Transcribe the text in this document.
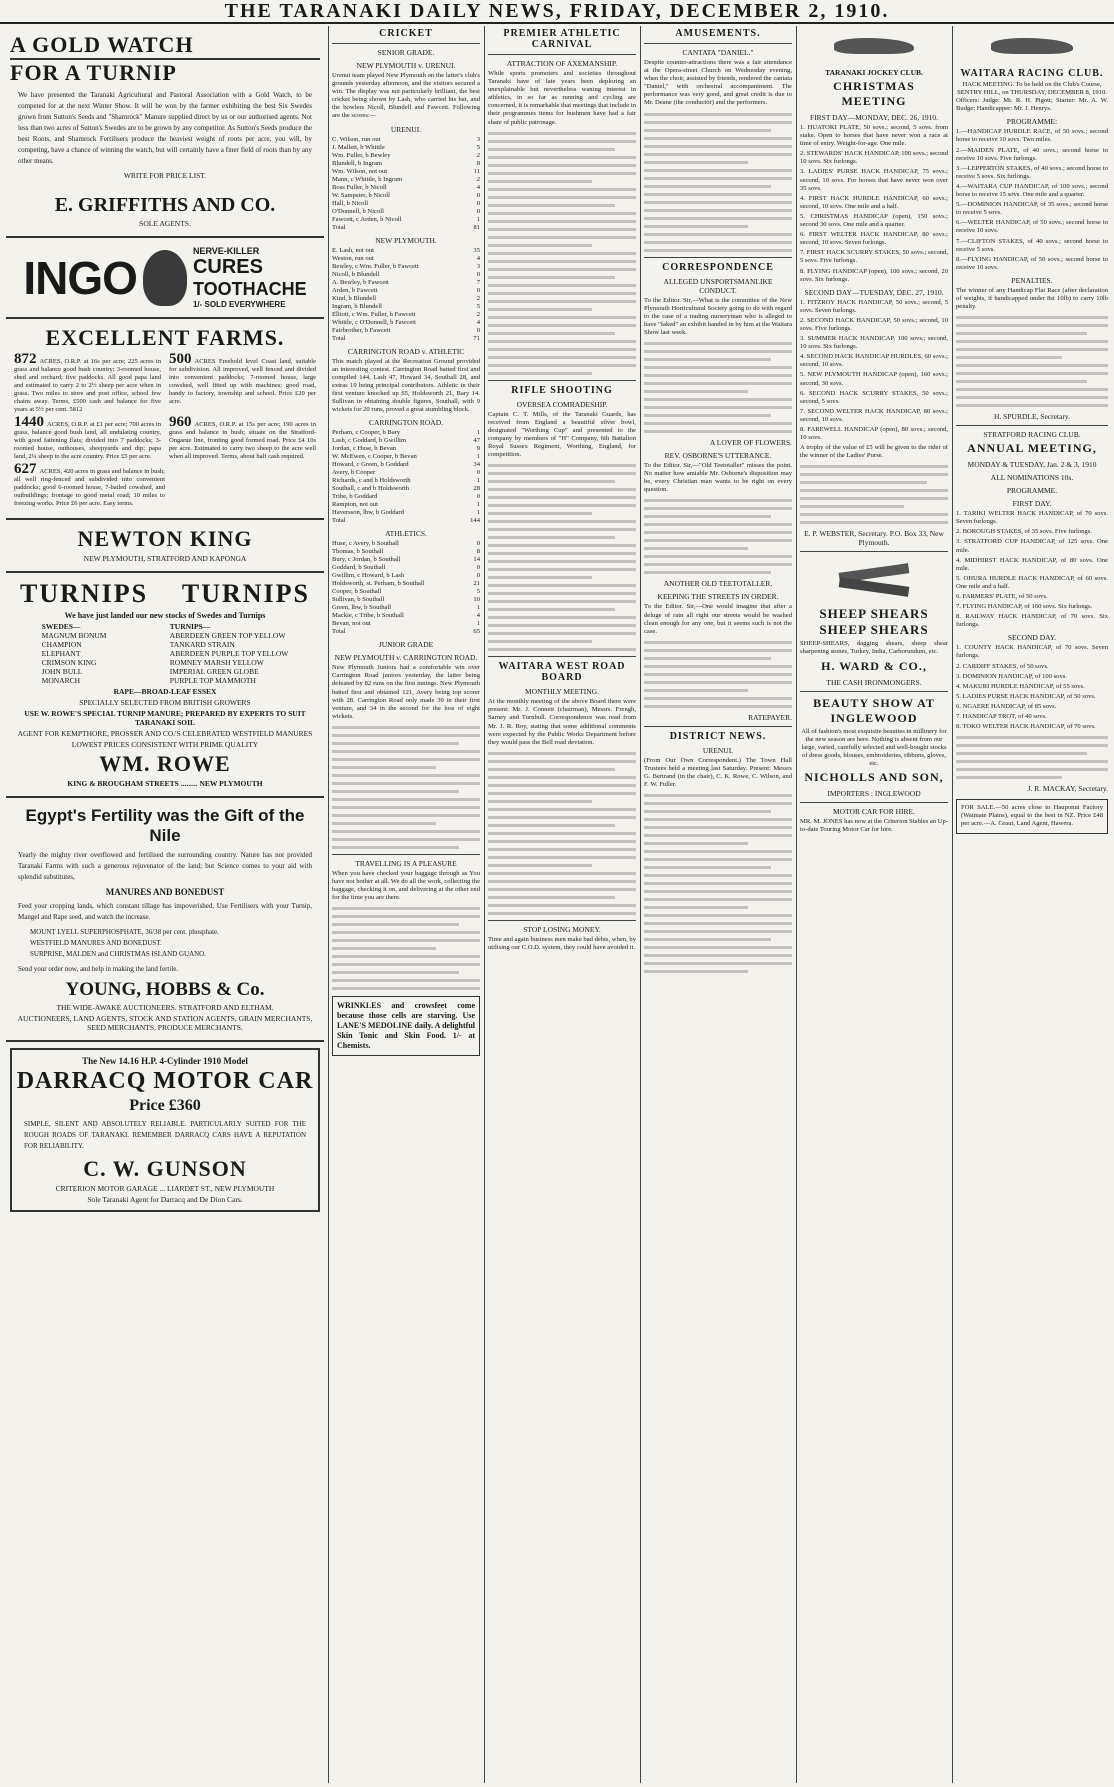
THE TARANAKI DAILY NEWS, FRIDAY, DECEMBER 2, 1910.

A GOLD WATCH

FOR A TURNIP

We have presented the Taranaki Agricultural and Pastoral Association with a Gold Watch, to be competed for at the next Winter Show. It will be won by the farmer exhibiting the best Six Swedes grown from Sutton's Seeds and "Shamrock" Manure supplied direct by us or our authorised agents. Not less than two acres of Sutton's Swedes are to be grown by any competitor. As Sutton's Seeds produce the best Roots, and Shamrock Fertilisers produce the heaviest weight of roots per acre, you will, by competing, have a chance of winning the watch, but will certainly have a finer field of roots than by any other means.

WRITE FOR PRICE LIST.

E. GRIFFITHS AND CO.

SOLE AGENTS.

INGO
NERVE-KILLER
CURES
TOOTHACHE
1/- SOLD EVERYWHERE

EXCELLENT FARMS.

872 ACRES, O.R.P. at 16s per acre; 225 acres in grass and balance good bush country; 3-roomed house, shed and orchard; five paddocks. All good papa land and estimated to carry 2 to 2½ sheep per acre when in grass. Two miles to store and post office, school few chains away. Terms, £500 cash and balance for five years at 5½ per cent. 5812
500 ACRES Freehold level Coast land, suitable for subdivision. All improved, well fenced and divided into convenient paddocks; 7-roomed house, large cowshed, well fitted up with machines; good road, handy to factory, township and school. Price £20 per acre.
1440 ACRES, O.R.P. at £1 per acre; 700 acres in grass, balance good bush land, all undulating country, with good fattening flats; divided into 7 paddocks; 3-roomed house, outhouses, sheepyards and dip; papa land, 2¼ sheep to the acre country. Price £5 per acre.
960 ACRES, O.R.P. at 15s per acre; 190 acres in grass and balance in bush; situate on the Stratford-Ongarue line, fronting good formed road. Price £4 10s per acre. Estimated to carry two sheep to the acre well when all improved. Terms, about half cash required.
627 ACRES, 420 acres in grass and balance in bush; all well ring-fenced and subdivided into convenient paddocks; good 6-roomed house, 7-bailed cowshed, and outbuildings; frontage to good metal road; 10 miles to freezing works. Price £6 per acre. Easy terms.

NEWTON KING

NEW PLYMOUTH, STRATFORD AND KAPONGA

TURNIPS TURNIPS

We have just landed our new stocks of Swedes and Turnips

SWEDES—
MAGNUM BONUM
CHAMPION
ELEPHANT
CRIMSON KING
JOHN BULL
MONARCH
TURNIPS—
ABERDEEN GREEN TOP YELLOW
TANKARD STRAIN
ABERDEEN PURPLE TOP YELLOW
ROMNEY MARSH YELLOW
IMPERIAL GREEN GLOBE
PURPLE TOP MAMMOTH

RAPE—BROAD-LEAF ESSEX

SPECIALLY SELECTED FROM BRITISH GROWERS

USE W. ROWE'S SPECIAL TURNIP MANURE; PREPARED BY EXPERTS TO SUIT TARANAKI SOIL

AGENT FOR KEMPTHORE, PROSSER AND CO.'S CELEBRATED WESTFIELD MANURES

LOWEST PRICES CONSISTENT WITH PRIME QUALITY

WM. ROWE

KING & BROUGHAM STREETS ......... NEW PLYMOUTH

Egypt's Fertility was the Gift of the Nile

Yearly the mighty river overflowed and fertilised the surrounding country. Nature has not provided Taranaki Farms with such a generous rejuvenator of the land; but Science comes to your aid with splendid substitutes,

MANURES AND BONEDUST

Feed your cropping lands, which constant tillage has impoverished. Use Fertilisers with your Turnip, Mangel and Rape seed, and watch the increase.

MOUNT LYELL SUPERPHOSPHATE, 36/38 per cent. phosphate.

WESTFIELD MANURES AND BONEDUST.

SURPRISE, MALDEN and CHRISTMAS ISLAND GUANO.

Send your order now, and help in making the land fertile.

YOUNG, HOBBS & Co.

THE WIDE-AWAKE AUCTIONEERS. STRATFORD AND ELTHAM.

AUCTIONEERS, LAND AGENTS, STOCK AND STATION AGENTS, GRAIN MERCHANTS, SEED MERCHANTS, PRODUCE MERCHANTS.

The New 14.16 H.P. 4-Cylinder 1910 Model

DARRACQ MOTOR CAR

Price £360

SIMPLE, SILENT AND ABSOLUTELY RELIABLE. PARTICULARLY SUITED FOR THE ROUGH ROADS OF TARANAKI. REMEMBER DARRACQ CARS HAVE A REPUTATION FOR RELIABILITY.

C. W. GUNSON

CRITERION MOTOR GARAGE ... LIARDET ST., NEW PLYMOUTH

Sole Taranaki Agent for Darracq and De Dion Cars.

CRICKET
SENIOR GRADE.
NEW PLYMOUTH v. URENUI.

Urenui team played New Plymouth on the latter's club's grounds yesterday afternoon, and the visitors secured a win. The display was not particularly brilliant, the best cricket being shown by Lash, who carried his bat, and the bowlers Nicoll, Blundell and Fawcett. Following are the scores:—

URENUI.

C. Wilson, run out	3

J. Mallett, b Whittle	5

Wm. Fuller, b Bewley	2

Blundell, b Ingram	8

Wm. Wilson, not out	11

Mann, c Whittle, b Ingram	2

Boss Fuller, b Nicoll	4

W. Sampster, b Nicoll	0

Hall, b Nicoll	0

O'Donnell, b Nicoll	0

Fawcett, c Arden, b Nicoll	1

Total	81

NEW PLYMOUTH.

E. Lash, not out	35

Weston, run out	4

Bewley, c Wm. Fuller, b Fawcett	3

Nicoll, b Blundell	0

A. Bewley, b Fawcett	7

Arden, b Fawcett	0

Kind, b Blundell	2

Ingram, b Blundell	5

Elliott, c Wm. Fuller, b Fawcett	2

Whittle, c O'Donnell, b Fawcett	4

Fairbrother, b Fawcett	0

Total	71

CARRINGTON ROAD v. ATHLETIC

This match played at the Recreation Ground provided an interesting contest. Carrington Road batted first and compiled 144, Lash 47, Howard 34, Southall 28, and extras 19 being principal contributors. Athletic in their first venture knocked up 65, Holdsworth 21, Bary 14. Sullivan in obtaining double figures, Southall, with 9 wickets for 20 runs, proved a great stumbling block.

CARRINGTON ROAD.

Perham, c Cooper, b Bary	1

Lash, c Goddard, b Gwillim	47

Jordan, c Huse, b Bevan	9

W. McEwen, c Cooper, b Bevan	1

Howard, c Green, b Goddard	34

Avery, b Cooper	0

Richards, c and b Holdsworth	1

Southall, c and b Holdsworth	28

Tribe, b Goddard	0

Rampton, not out	1

Haversson, lbw, b Goddard	1

Total	144

ATHLETICS.

Huse, c Avery, b Southall	0

Thomas, b Southall	8

Bury, c Jordan, b Southall	14

Goddard, b Southall	0

Gwillim, c Howard, b Lash	0

Holdsworth, st. Perham, b Southall	21

Cooper, b Southall	5

Sullivan, b Southall	10

Green, lbw, b Southall	1

Mackie, c Tribe, b Southall	4

Bevan, not out	1

Total	65

JUNIOR GRADE
NEW PLYMOUTH v. CARRINGTON ROAD.

New Plymouth Juniors had a comfortable win over Carrington Road juniors yesterday, the latter being defeated by 82 runs on the first innings. New Plymouth batted first and obtained 121, Avery being top scorer with 28. Carrington Road only made 39 in their first venture, and 34 in the second for the loss of eight wickets.

TRAVELLING IS A PLEASURE

When you have checked your baggage through as You have not bother at all. We do all the work, collecting the baggage, checking it on, and delivering at the other end for the time you are there.

WRINKLES and crowsfeet come because those cells are starving. Use LANE'S MEDOLINE daily. A delightful Skin Tonic and Skin Food. 1/- at Chemists.

PREMIER ATHLETIC CARNIVAL
ATTRACTION OF AXEMANSHIP.

While sports promoters and societies throughout Taranaki have of late years been deploring an unexplainable but nevertheless waning interest in athletics, in so far as running and cycling are concerned, it is remarkable that meetings that include in their programmes items for bushmen have had a fair share of public patronage.

RIFLE SHOOTING
OVERSEA COMRADESHIP.

Captain C. T. Mills, of the Taranaki Guards, has received from England a beautiful silver bowl, designated "Worthing Cup" and presented to the company by members of "H" Company, 6th Battalion Royal Sussex Regiment, Worthing, England, for competition.

WAITARA WEST ROAD BOARD
MONTHLY MEETING.

At the monthly meeting of the above Board there were present: Mr. J. Connett (chairman), Messrs. Frengh, Sarney and Turnbull. Correspondence was read from Mr. J. R. Roy, stating that some additional comments were expected by the Public Works Department before they would pass the Bell road deviation.

STOP LOSING MONEY.

Time and again business men make bad debts, when, by utilising our C.O.D. system, they could have avoided it.

AMUSEMENTS.
CANTATA "DANIEL."

Despite counter-attractions there was a fair attendance at the Opera-street Church on Wednesday evening, when the choir, assisted by friends, rendered the cantata "Daniel," with orchestral accompaniment. The performance was very good, and great credit is due to Mr. Deane (the conductor) and the performers.

CORRESPONDENCE
ALLEGED UNSPORTSMANLIKE CONDUCT.

To the Editor. Sir,—What is the committee of the New Plymouth Horticultural Society going to do with regard to the case of a trading nurseryman who is alleged to have "faked" an exhibit handed in by him at the Waitara Show last week.

A LOVER OF FLOWERS.
REV. OSBORNE'S UTTERANCE.

To the Editor. Sir,—"Old Teetotaller" misses the point. No matter how amiable Mr. Osborne's disposition may be, every Christian man wants to be right on every question.

ANOTHER OLD TEETOTALLER.
KEEPING THE STREETS IN ORDER.

To the Editor. Sir,—One would imagine that after a deluge of rain all right our streets would be washed clean enough for any one, but it seems such is not the case.

RATEPAYER.
DISTRICT NEWS.
URENUI.

(From Our Own Correspondent.) The Town Hall Trustees held a meeting last Saturday. Present: Messrs G. Bertrand (in the chair), C. K. Rowe, C. Wilson, and F. W. Fuller.

TARANAKI JOCKEY CLUB.
CHRISTMAS MEETING
FIRST DAY—MONDAY, DEC. 26, 1910.

1. HUATOKI PLATE, 50 sovs.; second, 5 sovs. from stake. Open to horses that have never won a race at time of entry. Weight-for-age. One mile.

2. STEWARDS' HACK HANDICAP, 100 sovs.; second 10 sovs. Six furlongs.

3. LADIES' PURSE HACK HANDICAP, 75 sovs.; second, 10 sovs. For horses that have never won over 35 sovs.

4. FIRST HACK HURDLE HANDICAP, 60 sovs.; second, 10 sovs. One mile and a half.

5. CHRISTMAS HANDICAP (open), 150 sovs.; second 30 sovs. One mile and a quarter.

6. FIRST WELTER HACK HANDICAP, 80 sovs.; second, 10 sovs. Seven furlongs.

7. FIRST HACK SCURRY STAKES, 50 sovs.; second, 5 sovs. Five furlongs.

8. FLYING HANDICAP (open), 100 sovs.; second, 20 sovs. Six furlongs.

SECOND DAY—TUESDAY, DEC. 27, 1910.

1. FITZROY HACK HANDICAP, 50 sovs.; second, 5 sovs. Seven furlongs.

2. SECOND HACK HANDICAP, 50 sovs.; second, 10 sovs. Five furlongs.

3. SUMMER HACK HANDICAP, 100 sovs.; second, 10 sovs. Six furlongs.

4. SECOND HACK HANDICAP HURDLES, 60 sovs.; second, 10 sovs.

5. NEW PLYMOUTH HANDICAP (open), 160 sovs.; second, 30 sovs.

6. SECOND HACK SCURRY STAKES, 50 sovs.; second, 5 sovs.

7. SECOND WELTER HACK HANDICAP, 80 sovs.; second, 10 sovs.

8. FAREWELL HANDICAP (open), 80 sovs.; second, 10 sovs.

A trophy of the value of £5 will be given to the rider of the winner of the Ladies' Purse.

E. P. WEBSTER, Secretary. P.O. Box 33, New Plymouth.
SHEEP SHEARS SHEEP SHEARS

SHEEP-SHEARS, dagging shears, sheep shear sharpening stones, Turkey, India, Carborundum, etc.

H. WARD & CO.,
THE CASH IRONMONGERS.
BEAUTY SHOW AT INGLEWOOD

All of fashion's most exquisite beauties in millinery for the new season are here. Nothing is absent from our large, varied, carefully selected and well-bought stocks of dress goods, blouses, embroideries, ribbons, gloves, etc.

NICHOLLS AND SON,
IMPORTERS : INGLEWOOD
MOTOR CAR FOR HIRE.

MR. M. JONES has now at the Criterion Stables an Up-to-date Touring Motor Car for hire.

WAITARA RACING CLUB.

HACK MEETING. To be held on the Club's Course, SENTRY HILL, on THURSDAY, DECEMBER 8, 1910.

Officers: Judge: Mr. R. H. Pigott; Starter: Mr. A. W. Budge; Handicapper: Mr. J. Henrys.

PROGRAMME:

1.—HANDICAP HURDLE RACE, of 50 sovs.; second horse to receive 10 sovs. Two miles.

2.—MAIDEN PLATE, of 40 sovs.; second horse to receive 10 sovs. Five furlongs.

3.—LEPPERTON STAKES, of 40 sovs.; second horse to receive 5 sovs. Six furlongs.

4.—WAITARA CUP HANDICAP, of 100 sovs.; second horse to receive 15 sovs. One mile and a quarter.

5.—DOMINION HANDICAP, of 35 sovs.; second horse to receive 5 sovs.

6.—WELTER HANDICAP, of 50 sovs.; second horse to receive 10 sovs.

7.—CLIFTON STAKES, of 40 sovs.; second horse to receive 5 sovs.

8.—FLYING HANDICAP, of 50 sovs.; second horse to receive 10 sovs.

PENALTIES.

The winner of any Handicap Flat Race (after declaration of weights, if handicapped under 8st 10lb) to carry 10lb penalty.

H. SPURDLE, Secretary.
STRATFORD RACING CLUB.
ANNUAL MEETING,
MONDAY & TUESDAY, Jan. 2 & 3, 1910
ALL NOMINATIONS 10s.
PROGRAMME.
FIRST DAY.

1. TARIKI WELTER HACK HANDICAP, of 70 sovs. Seven furlongs.

2. BOROUGH STAKES, of 35 sovs. Five furlongs.

3. STRATFORD CUP HANDICAP, of 125 sovs. One mile.

4. MIDHIRST HACK HANDICAP, of 80 sovs. One mile.

5. OHURA HURDLE HACK HANDICAP, of 60 sovs. One mile and a half.

6. FARMERS' PLATE, of 50 sovs.

7. FLYING HANDICAP, of 160 sovs. Six furlongs.

8. RAILWAY HACK HANDICAP, of 70 sovs. Six furlongs.

SECOND DAY.

1. COUNTY HACK HANDICAP, of 70 sovs. Seven furlongs.

2. CARDIFF STAKES, of 50 sovs.

3. DOMINION HANDICAP, of 100 sovs.

4. MAKURI HURDLE HANDICAP, of 55 sovs.

5. LADIES PURSE HACK HANDICAP, of 50 sovs.

6. NGAERE HANDICAP, of 85 sovs.

7. HANDICAP TROT, of 40 sovs.

8. TOKO WELTER HACK HANDICAP, of 70 sovs.

J. R. MACKAY, Secretary.

FOR SALE.—50 acres close to Hauponui Factory (Waimate Plains), equal to the best in NZ. Price £48 per acre.—A. Graut, Land Agent, Hawera.
